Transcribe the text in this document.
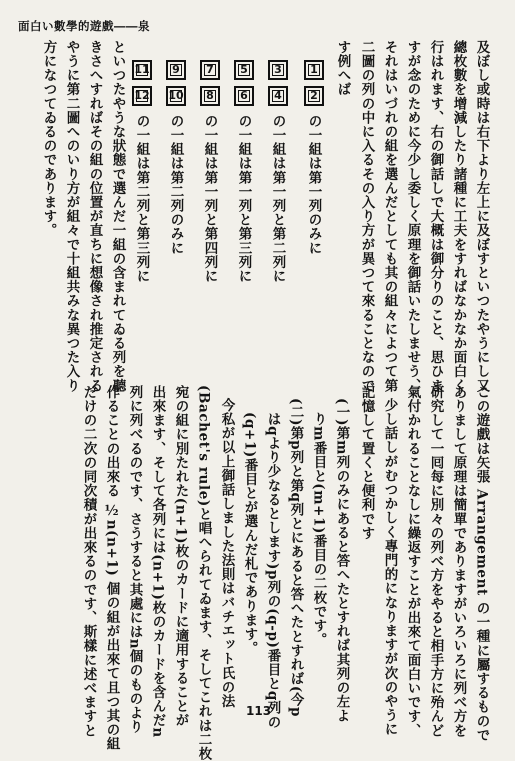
面白い數學的遊戲――泉
及ぼし或時は右下より左上に及ぼすといつたやうにし又
總枚數を增減したり諸種に工夫をすればなかなか面白く
行はれます、右の御話しで大概は御分りのこと、思ひま
すが念のために今少し委しく原理を御話いたしませう、
それはいづれの組を選んだとしても其の組々によつて第
二圖の列の中に入るその入り方が異つて來ることなので
す例へば
1
2
の一組は第一列のみに
3
4
の一組は第一列と第二列に
5
6
の一組は第一列と第三列に
7
8
の一組は第一列と第四列に
9
10
の一組は第二列のみに
11
12
の一組は第二列と第三列に
といつたやうな狀態で選んだ一組の含まれてゐる列を聽
きさへすればその組の位置が直ちに想像され推定される
やうに第二圖へのいり方が組々で十組共みな異つた入り
方になつてゐるのであります。
この遊戲は矢張 Arrangement の一種に屬するもので
ありまして原理は簡單でありますがいろいろに列べ方を
研究して一囘每に別々の列べ方をやると相手方に殆んど
氣付かれることなしに繰返すことが出來て面白いです、
少し話しがむつかしく專門的になりますが次のやうに
記憶して置くと便利です
(一)第m列のみにあると答へたとすれば其列の左よ
りm番目と(m+1)番目の二枚です。
(二)第p列と第q列とにあると答へたとすれば(今p
はqより少なるとします)p列の(q-p)番目とq列の
(q+1)番目とが選んだ札であります。
今私が以上御話しました法則はバチエット氏の法
(Bachet's rule)と唱へられてゐます、そしてこれは二枚
宛の組に別たれた(n+1)枚のカードに適用することが
出來ます、そして各列には(n+1)枚のカードを含んだn
列に列べるのです、さうすると其處にはn個のものより
作ることの出來る ½n(n+1) 個の組が出來て且つ其の組
だけの二次の同次積が出來るのです、斯樣に述べますと	113
